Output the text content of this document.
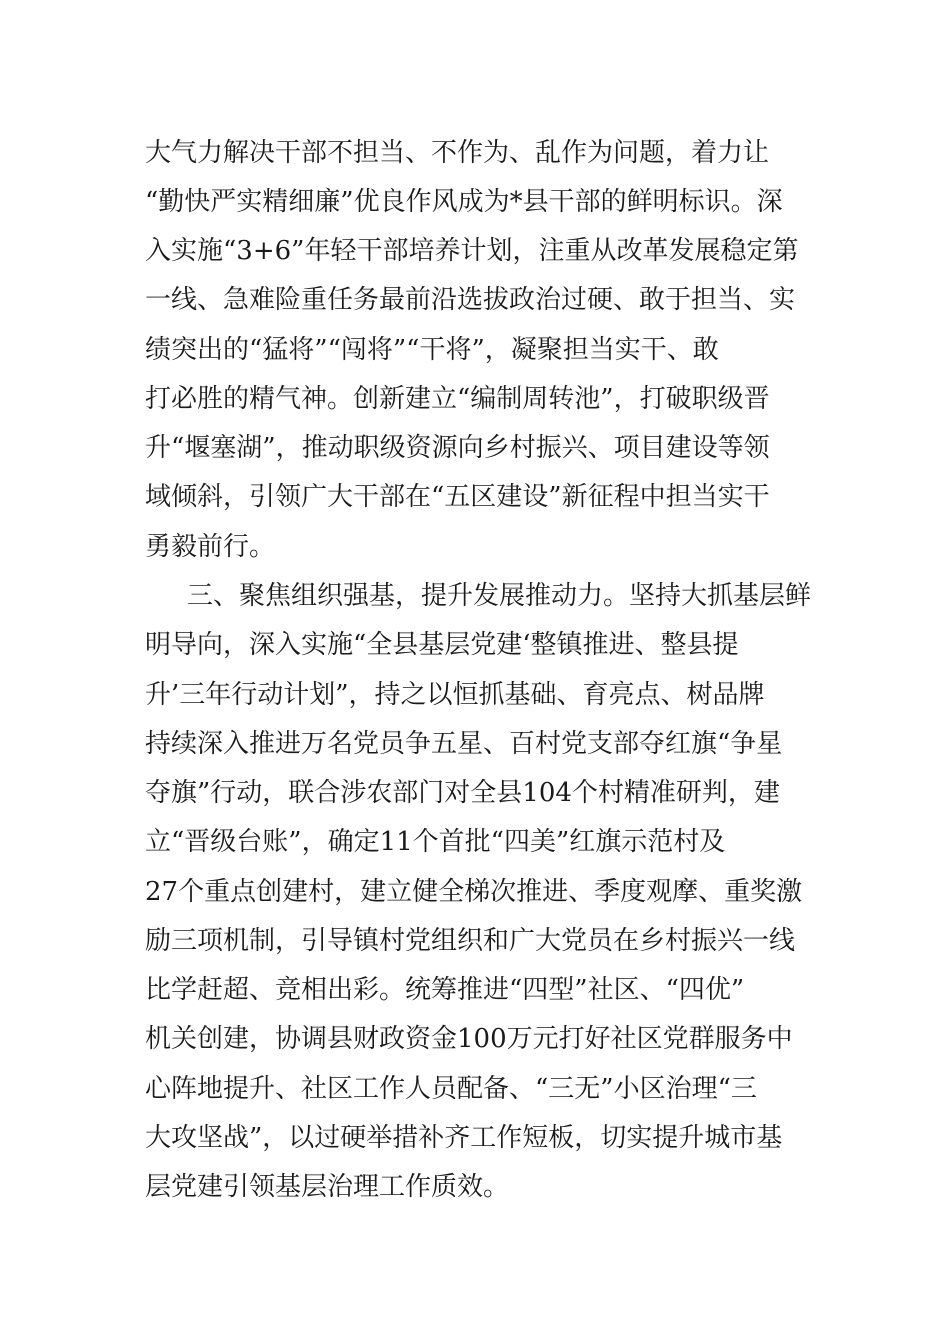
大气力解决干部不担当、不作为、乱作为问题，着力让
“勤快严实精细廉”优良作风成为*县干部的鲜明标识。深
入实施“3+6”年轻干部培养计划，注重从改革发展稳定第
一线、急难险重任务最前沿选拔政治过硬、敢于担当、实
绩突出的“猛将”“闯将”“干将”，凝聚担当实干、敢
打必胜的精气神。创新建立“编制周转池”，打破职级晋
升“堰塞湖”，推动职级资源向乡村振兴、项目建设等领
域倾斜，引领广大干部在“五区建设”新征程中担当实干
勇毅前行。
三、聚焦组织强基，提升发展推动力。坚持大抓基层鲜
明导向，深入实施“全县基层党建‘整镇推进、整县提
升’三年行动计划”，持之以恒抓基础、育亮点、树品牌
持续深入推进万名党员争五星、百村党支部夺红旗“争星
夺旗”行动，联合涉农部门对全县104个村精准研判，建
立“晋级台账”，确定11个首批“四美”红旗示范村及
27个重点创建村，建立健全梯次推进、季度观摩、重奖激
励三项机制，引导镇村党组织和广大党员在乡村振兴一线
比学赶超、竞相出彩。统筹推进“四型”社区、“四优”
机关创建，协调县财政资金100万元打好社区党群服务中
心阵地提升、社区工作人员配备、“三无”小区治理“三
大攻坚战”，以过硬举措补齐工作短板，切实提升城市基
层党建引领基层治理工作质效。
